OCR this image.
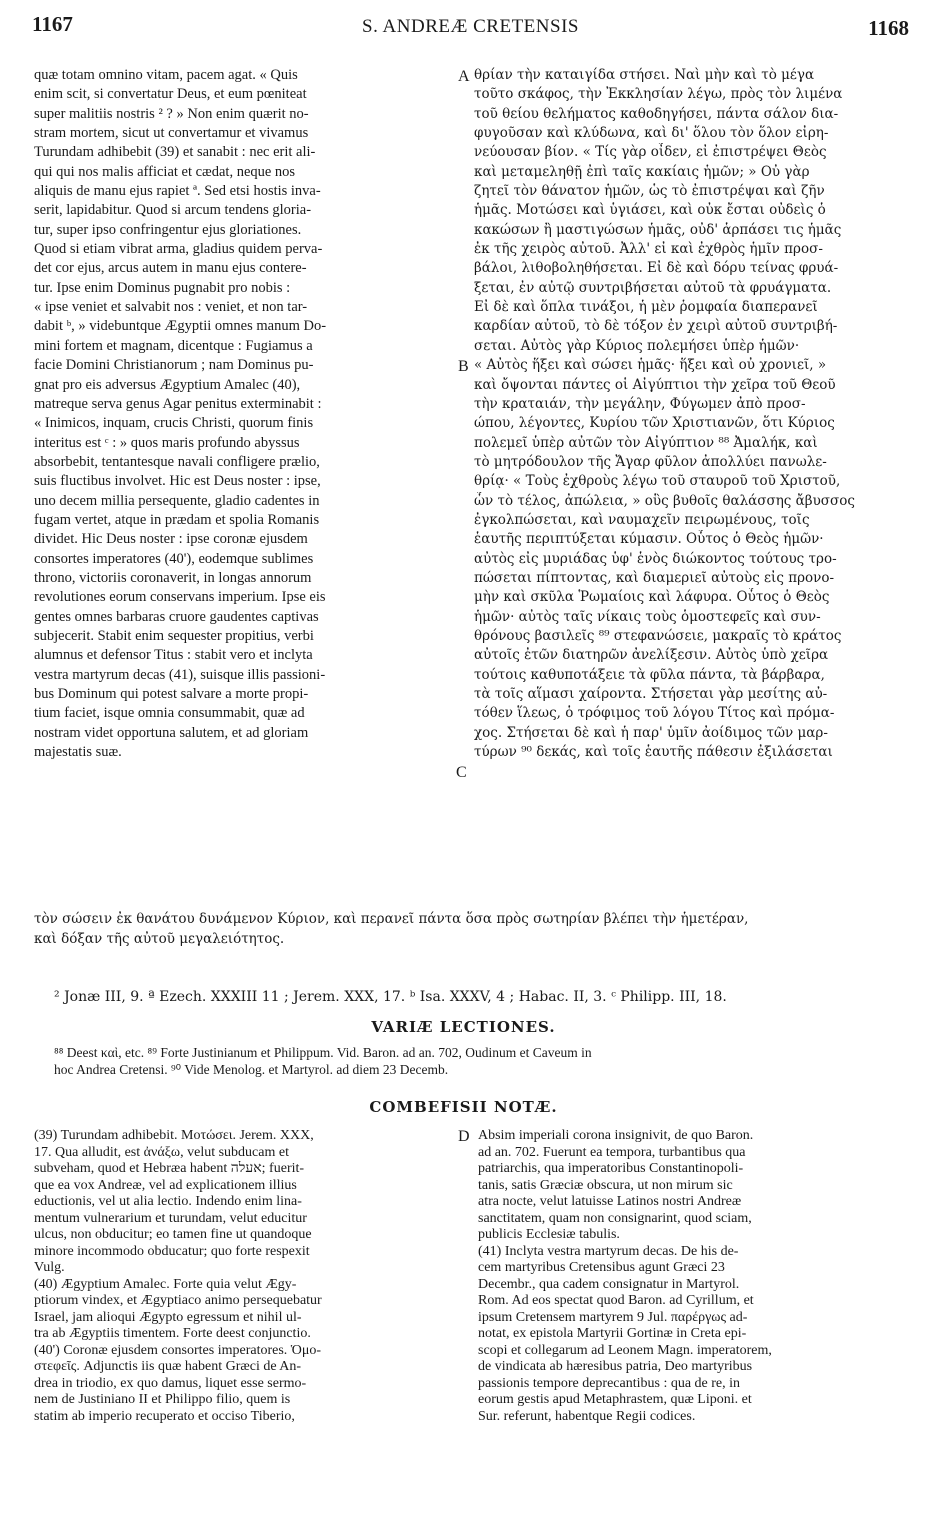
1167	S. ANDREÆ CRETENSIS	1168
quæ totam omnino vitam, pacem agat. « Quis
enim scit, si convertatur Deus, et eum pœniteat
super malitiis nostris ² ? » Non enim quærit no-
stram mortem, sicut ut convertamur et vivamus
Turundam adhibebit (39) et sanabit : nec erit ali-
qui qui nos malis afficiat et cædat, neque nos
aliquis de manu ejus rapiet ª. Sed etsi hostis inva-
serit, lapidabitur. Quod si arcum tendens gloria-
tur, super ipso confringentur ejus gloriationes.
Quod si etiam vibrat arma, gladius quidem perva-
det cor ejus, arcus autem in manu ejus contere-
tur. Ipse enim Dominus pugnabit pro nobis :
« ipse veniet et salvabit nos : veniet, et non tar-
dabit ᵇ, » videbuntque Ægyptii omnes manum Do-
mini fortem et magnam, dicentque : Fugiamus a
facie Domini Christianorum ; nam Dominus pu-
gnat pro eis adversus Ægyptium Amalec (40),
matreque serva genus Agar penitus exterminabit :
« Inimicos, inquam, crucis Christi, quorum finis
interitus est ᶜ : » quos maris profundo abyssus
absorbebit, tentantesque navali confligere prælio,
suis fluctibus involvet. Hic est Deus noster : ipse,
uno decem millia persequente, gladio cadentes in
fugam vertet, atque in prædam et spolia Romanis
dividet. Hic Deus noster : ipse coronæ ejusdem
consortes imperatores (40'), eodemque sublimes
throno, victoriis coronaverit, in longas annorum
revolutiones eorum conservans imperium. Ipse eis
gentes omnes barbaras cruore gaudentes captivas
subjecerit. Stabit enim sequester propitius, verbi
alumnus et defensor Titus : stabit vero et inclyta
vestra martyrum decas (41), suisque illis passioni-
bus Dominum qui potest salvare a morte propi-
tium faciet, isque omnia consummabit, quæ ad
nostram videt opportuna salutem, et ad gloriam
majestatis suæ.
θρίαν τὴν καταιγίδα στήσει. Ναὶ μὴν καὶ τὸ μέγα
τοῦτο σκάφος, τὴν Ἐκκλησίαν λέγω, πρὸς τὸν λιμένα
τοῦ θείου θελήματος καθοδηγήσει, πάντα σάλον δια-
φυγοῦσαν καὶ κλύδωνα, καὶ δι' ὅλου τὸν ὅλον εἰρη-
νεύουσαν βίον. « Τίς γὰρ οἶδεν, εἰ ἐπιστρέψει Θεὸς
καὶ μεταμεληθῇ ἐπὶ ταῖς κακίαις ἡμῶν; » Οὐ γὰρ
ζητεῖ τὸν θάνατον ἡμῶν, ὡς τὸ ἐπιστρέψαι καὶ ζῆν
ἡμᾶς. Μοτώσει καὶ ὑγιάσει, καὶ οὐκ ἔσται οὐδεὶς ὁ
κακώσων ἢ μαστιγώσων ἡμᾶς, οὐδ' ἁρπάσει τις ἡμᾶς
ἐκ τῆς χειρὸς αὐτοῦ. Ἀλλ' εἰ καὶ ἐχθρὸς ἡμῖν προσ-
βάλοι, λιθοβοληθήσεται. Εἰ δὲ καὶ δόρυ τείνας φρυά-
ξεται, ἐν αὐτῷ συντριβήσεται αὐτοῦ τὰ φρυάγματα.
Εἰ δὲ καὶ ὅπλα τινάξοι, ἡ μὲν ῥομφαία διαπερανεῖ
καρδίαν αὐτοῦ, τὸ δὲ τόξον ἐν χειρὶ αὐτοῦ συντριβή-
σεται. Αὐτὸς γὰρ Κύριος πολεμήσει ὑπὲρ ἡμῶν·
« Αὐτὸς ἥξει καὶ σώσει ἡμᾶς· ἥξει καὶ οὐ χρονιεῖ, »
καὶ ὄψονται πάντες οἱ Αἰγύπτιοι τὴν χεῖρα τοῦ Θεοῦ
τὴν κραταιάν, τὴν μεγάλην, Φύγωμεν ἀπὸ προσ-
ώπου, λέγοντες, Κυρίου τῶν Χριστιανῶν, ὅτι Κύριος
πολεμεῖ ὑπὲρ αὐτῶν τὸν Αἰγύπτιον ⁸⁸ Ἀμαλήκ, καὶ
τὸ μητρόδουλον τῆς Ἄγαρ φῦλον ἀπολλύει πανωλε-
θρίᾳ· « Τοὺς ἐχθροὺς λέγω τοῦ σταυροῦ τοῦ Χριστοῦ,
ὧν τὸ τέλος, ἀπώλεια, » οὓς βυθοῖς θαλάσσης ἄβυσσος
ἐγκολπώσεται, καὶ ναυμαχεῖν πειρωμένους, τοῖς
ἑαυτῆς περιπτύξεται κύμασιν. Οὗτος ὁ Θεὸς ἡμῶν·
αὐτὸς εἰς μυριάδας ὑφ' ἑνὸς διώκοντος τούτους τρο-
πώσεται πίπτοντας, καὶ διαμεριεῖ αὐτοὺς εἰς προνο-
μὴν καὶ σκῦλα Ῥωμαίοις καὶ λάφυρα. Οὗτος ὁ Θεὸς
ἡμῶν· αὐτὸς ταῖς νίκαις τοὺς ὁμοστεφεῖς καὶ συν-
θρόνους βασιλεῖς ⁸⁹ στεφανώσειε, μακραῖς τὸ κράτος
αὐτοῖς ἐτῶν διατηρῶν ἀνελίξεσιν. Αὐτὸς ὑπὸ χεῖρα
τούτοις καθυποτάξειε τὰ φῦλα πάντα, τὰ βάρβαρα,
τὰ τοῖς αἵμασι χαίροντα. Στήσεται γὰρ μεσίτης αὐ-
τόθεν ἵλεως, ὁ τρόφιμος τοῦ λόγου Τίτος καὶ πρόμα-
χος. Στήσεται δὲ καὶ ἡ παρ' ὑμῖν ἀοίδιμος τῶν μαρ-
τύρων ⁹⁰ δεκάς, καὶ τοῖς ἑαυτῆς πάθεσιν ἐξιλάσεται
A
B
C
D
τὸν σώσειν ἐκ θανάτου δυνάμενον Κύριον, καὶ περανεῖ πάντα ὅσα πρὸς σωτηρίαν βλέπει τὴν ἡμετέραν,
καὶ δόξαν τῆς αὐτοῦ μεγαλειότητος.
² Jonæ III, 9. ª Ezech. XXXIII 11 ; Jerem. XXX, 17. ᵇ Isa. XXXV, 4 ; Habac. II, 3. ᶜ Philipp. III, 18.
VARIÆ LECTIONES.
⁸⁸ Deest καὶ, etc. ⁸⁹ Forte Justinianum et Philippum. Vid. Baron. ad an. 702, Oudinum et Caveum in
hoc Andrea Cretensi. ⁹⁰ Vide Menolog. et Martyrol. ad diem 23 Decemb.
COMBEFISII NOTÆ.
(39) Turundam adhibebit. Μοτώσει. Jerem. XXX,
17. Qua alludit, est ἀνάξω, velut subducam et
subveham, quod et Hebræa habent אעלה; fuerit-
que ea vox Andreæ, vel ad explicationem illius
eductionis, vel ut alia lectio. Indendo enim lina-
mentum vulnerarium et turundam, velut educitur
ulcus, non obducitur; eo tamen fine ut quandoque
minore incommodo obducatur; quo forte respexit
Vulg.
(40) Ægyptium Amalec. Forte quia velut Ægy-
ptiorum vindex, et Ægyptiaco animo persequebatur
Israel, jam alioqui Ægypto egressum et nihil ul-
tra ab Ægyptiis timentem. Forte deest conjunctio.
(40') Coronæ ejusdem consortes imperatores. Ὁμο-
στεφεῖς. Adjunctis iis quæ habent Græci de An-
drea in triodio, ex quo damus, liquet esse sermo-
nem de Justiniano II et Philippo filio, quem is
statim ab imperio recuperato et occiso Tiberio,
Absim imperiali corona insignivit, de quo Baron.
ad an. 702. Fuerunt ea tempora, turbantibus qua
patriarchis, qua imperatoribus Constantinopoli-
tanis, satis Græciæ obscura, ut non mirum sic
atra nocte, velut latuisse Latinos nostri Andreæ
sanctitatem, quam non consignarint, quod sciam,
publicis Ecclesiæ tabulis.
(41) Inclyta vestra martyrum decas. De his de-
cem martyribus Cretensibus agunt Græci 23
Decembr., qua cadem consignatur in Martyrol.
Rom. Ad eos spectat quod Baron. ad Cyrillum, et
ipsum Cretensem martyrem 9 Jul. παρέργως ad-
notat, ex epistola Martyrii Gortinæ in Creta epi-
scopi et collegarum ad Leonem Magn. imperatorem,
de vindicata ab hæresibus patria, Deo martyribus
passionis tempore deprecantibus : qua de re, in
eorum gestis apud Metaphrastem, quæ Liponi. et
Sur. referunt, habentque Regii codices.
